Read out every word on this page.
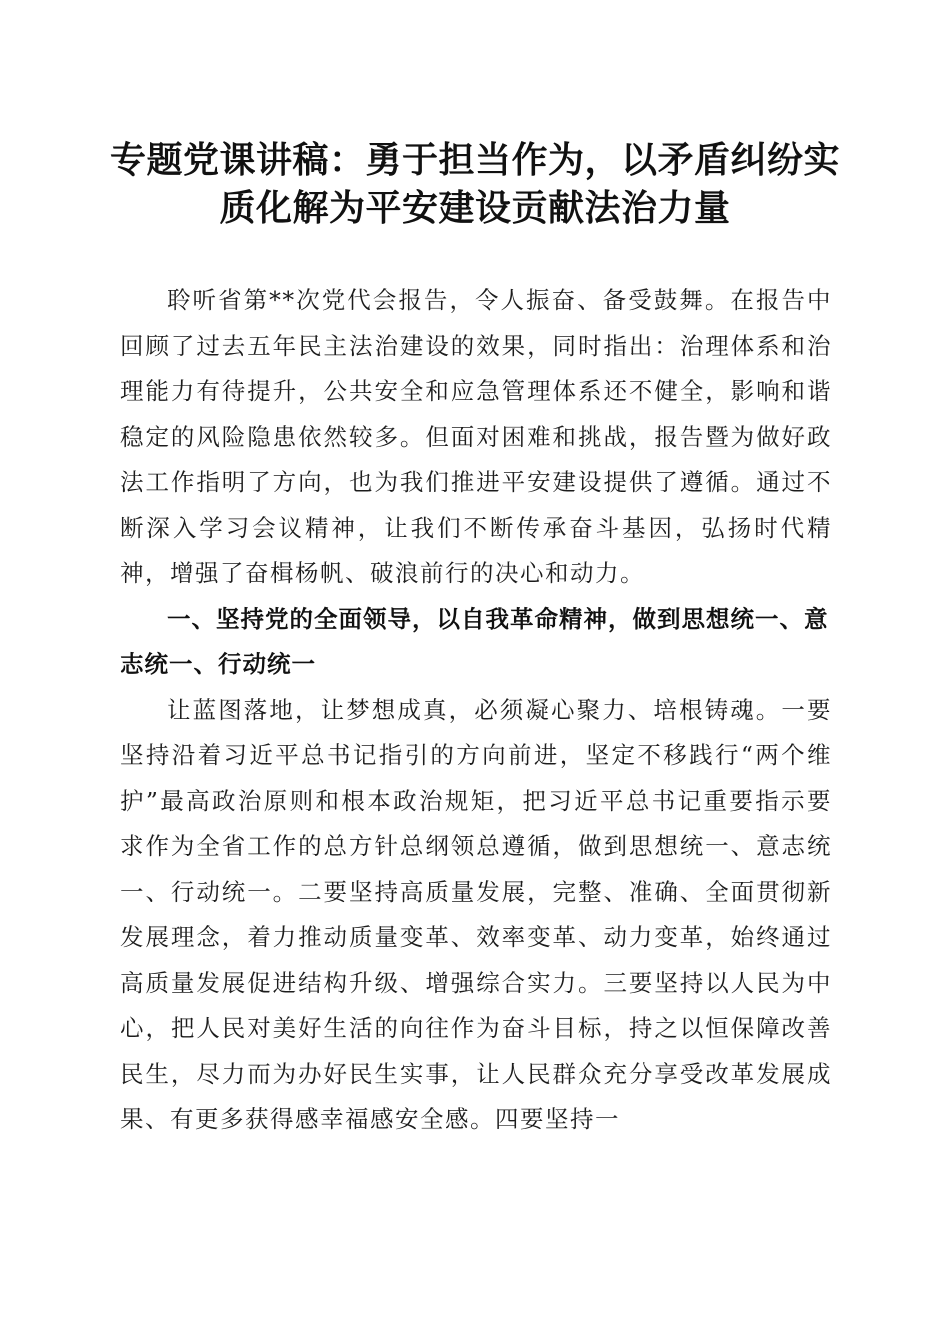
专题党课讲稿：勇于担当作为，以矛盾纠纷实
质化解为平安建设贡献法治力量

聆听省第**次党代会报告，令人振奋、备受鼓舞。在报告中回顾了过去五年民主法治建设的效果，同时指出：治理体系和治理能力有待提升，公共安全和应急管理体系还不健全，影响和谐稳定的风险隐患依然较多。但面对困难和挑战，报告暨为做好政法工作指明了方向，也为我们推进平安建设提供了遵循。通过不断深入学习会议精神，让我们不断传承奋斗基因，弘扬时代精神，增强了奋楫杨帆、破浪前行的决心和动力。

一、坚持党的全面领导，以自我革命精神，做到思想统一、意志统一、行动统一

让蓝图落地，让梦想成真，必须凝心聚力、培根铸魂。一要坚持沿着习近平总书记指引的方向前进，坚定不移践行“两个维护”最高政治原则和根本政治规矩，把习近平总书记重要指示要求作为全省工作的总方针总纲领总遵循，做到思想统一、意志统一、行动统一。二要坚持高质量发展，完整、准确、全面贯彻新发展理念，着力推动质量变革、效率变革、动力变革，始终通过高质量发展促进结构升级、增强综合实力。三要坚持以人民为中心，把人民对美好生活的向往作为奋斗目标，持之以恒保障改善民生，尽力而为办好民生实事，让人民群众充分享受改革发展成果、有更多获得感幸福感安全感。四要坚持一
